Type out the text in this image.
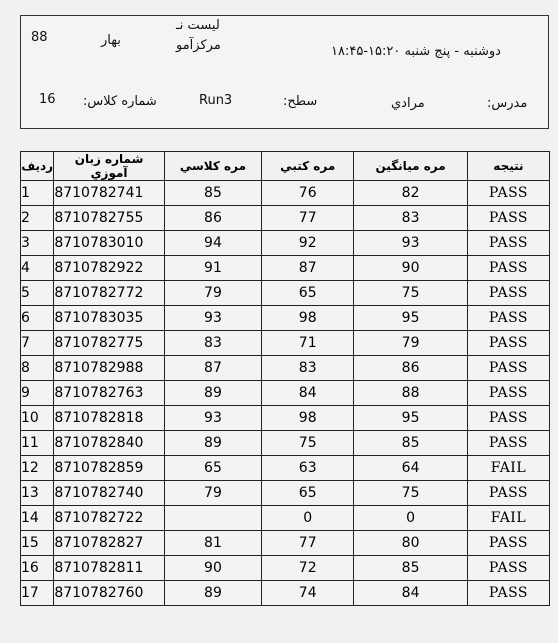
88	بهار
ليست نـ
مركزآمو	دوشنبه - پنج شنبه ۱۵:۲۰-۱۸:۴۵
16 شماره كلاس:	Run3	سطح:	مرادي	مدرس:
رديف	شماره زبان آموزي	مره كلاسي	مره كتبي	مره ميانگين	نتيجه
1	8710782741	85	76	82	PASS
2	8710782755	86	77	83	PASS
3	8710783010	94	92	93	PASS
4	8710782922	91	87	90	PASS
5	8710782772	79	65	75	PASS
6	8710783035	93	98	95	PASS
7	8710782775	83	71	79	PASS
8	8710782988	87	83	86	PASS
9	8710782763	89	84	88	PASS
10	8710782818	93	98	95	PASS
11	8710782840	89	75	85	PASS
12	8710782859	65	63	64	FAIL
13	8710782740	79	65	75	PASS
14	8710782722		0	0	FAIL
15	8710782827	81	77	80	PASS
16	8710782811	90	72	85	PASS
17	8710782760	89	74	84	PASS
